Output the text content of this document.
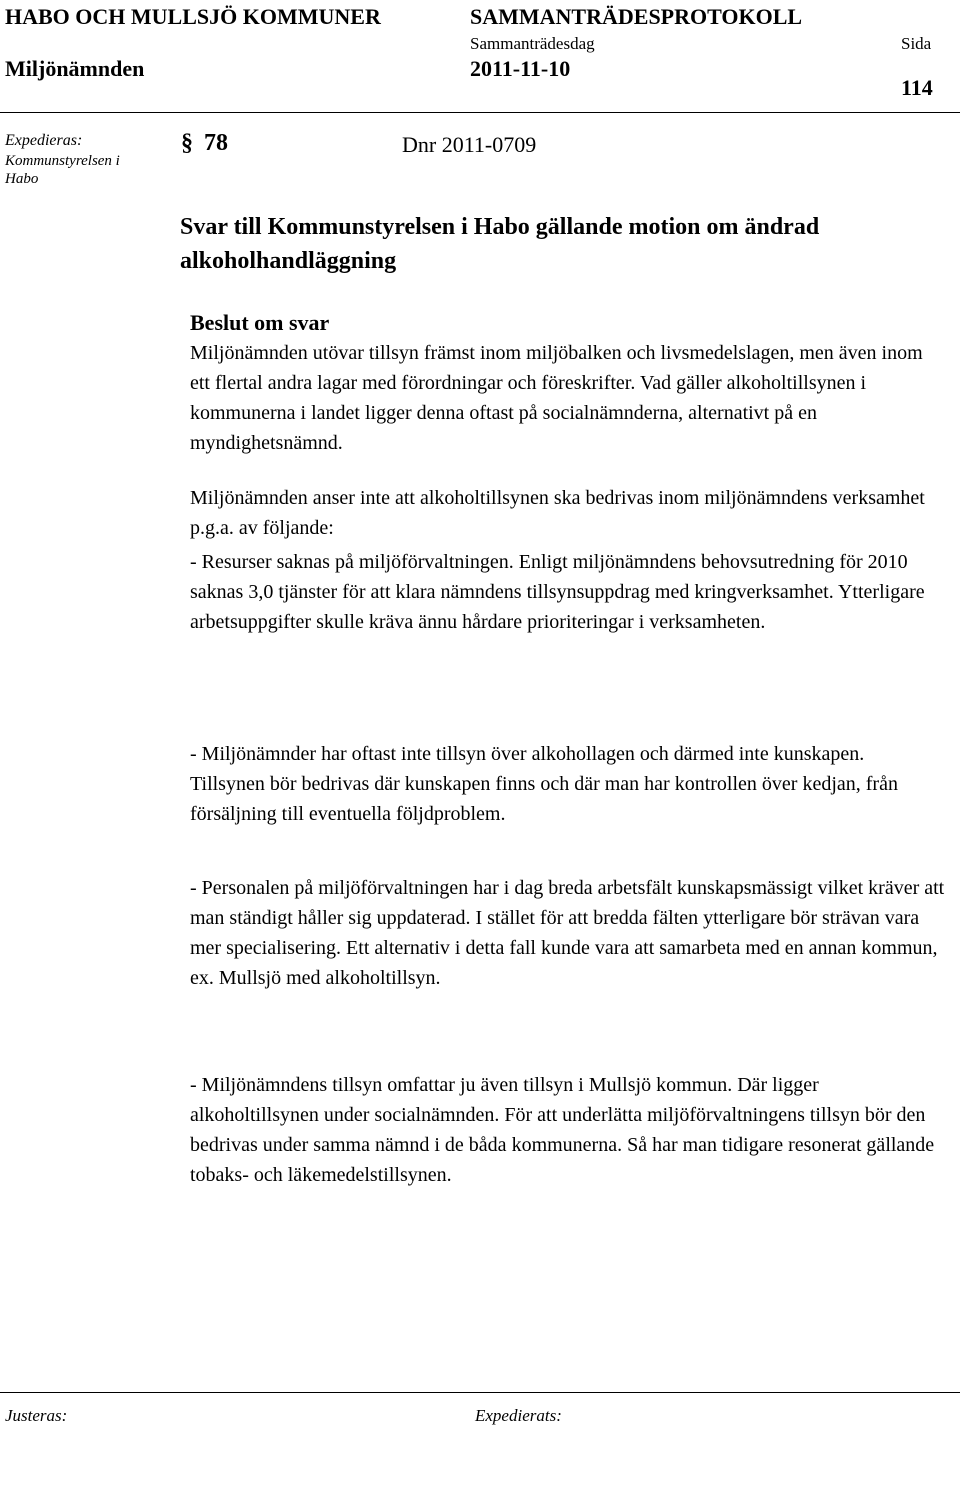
HABO OCH MULLSJÖ KOMMUNER	SAMMANTRÄDESPROTOKOLL
Sammanträdesdag	Sida
Miljönämnden	2011-11-10
114
Expedieras:
Kommunstyrelsen i Habo
§ 78	Dnr 2011-0709
Svar till Kommunstyrelsen i Habo gällande motion om ändrad alkoholhandläggning
Beslut om svar
Miljönämnden utövar tillsyn främst inom miljöbalken och livsmedelslagen, men även inom ett flertal andra lagar med förordningar och föreskrifter. Vad gäller alkoholtillsynen i kommunerna i landet ligger denna oftast på socialnämnderna, alternativt på en myndighetsnämnd.
Miljönämnden anser inte att alkoholtillsynen ska bedrivas inom miljönämndens verksamhet p.g.a. av följande:
- Resurser saknas på miljöförvaltningen. Enligt miljönämndens behovsutredning för 2010 saknas 3,0 tjänster för att klara nämndens tillsynsuppdrag med kringverksamhet. Ytterligare arbetsuppgifter skulle kräva ännu hårdare prioriteringar i verksamheten.
- Miljönämnder har oftast inte tillsyn över alkohollagen och därmed inte kunskapen. Tillsynen bör bedrivas där kunskapen finns och där man har kontrollen över kedjan, från försäljning till eventuella följdproblem.
- Personalen på miljöförvaltningen har i dag breda arbetsfält kunskapsmässigt vilket kräver att man ständigt håller sig uppdaterad. I stället för att bredda fälten ytterligare bör strävan vara mer specialisering. Ett alternativ i detta fall kunde vara att samarbeta med en annan kommun, ex. Mullsjö med alkoholtillsyn.
- Miljönämndens tillsyn omfattar ju även tillsyn i Mullsjö kommun. Där ligger alkoholtillsynen under socialnämnden. För att underlätta miljöförvaltningens tillsyn bör den bedrivas under samma nämnd i de båda kommunerna. Så har man tidigare resonerat gällande tobaks- och läkemedelstillsynen.
Justeras:	Expedierats:
